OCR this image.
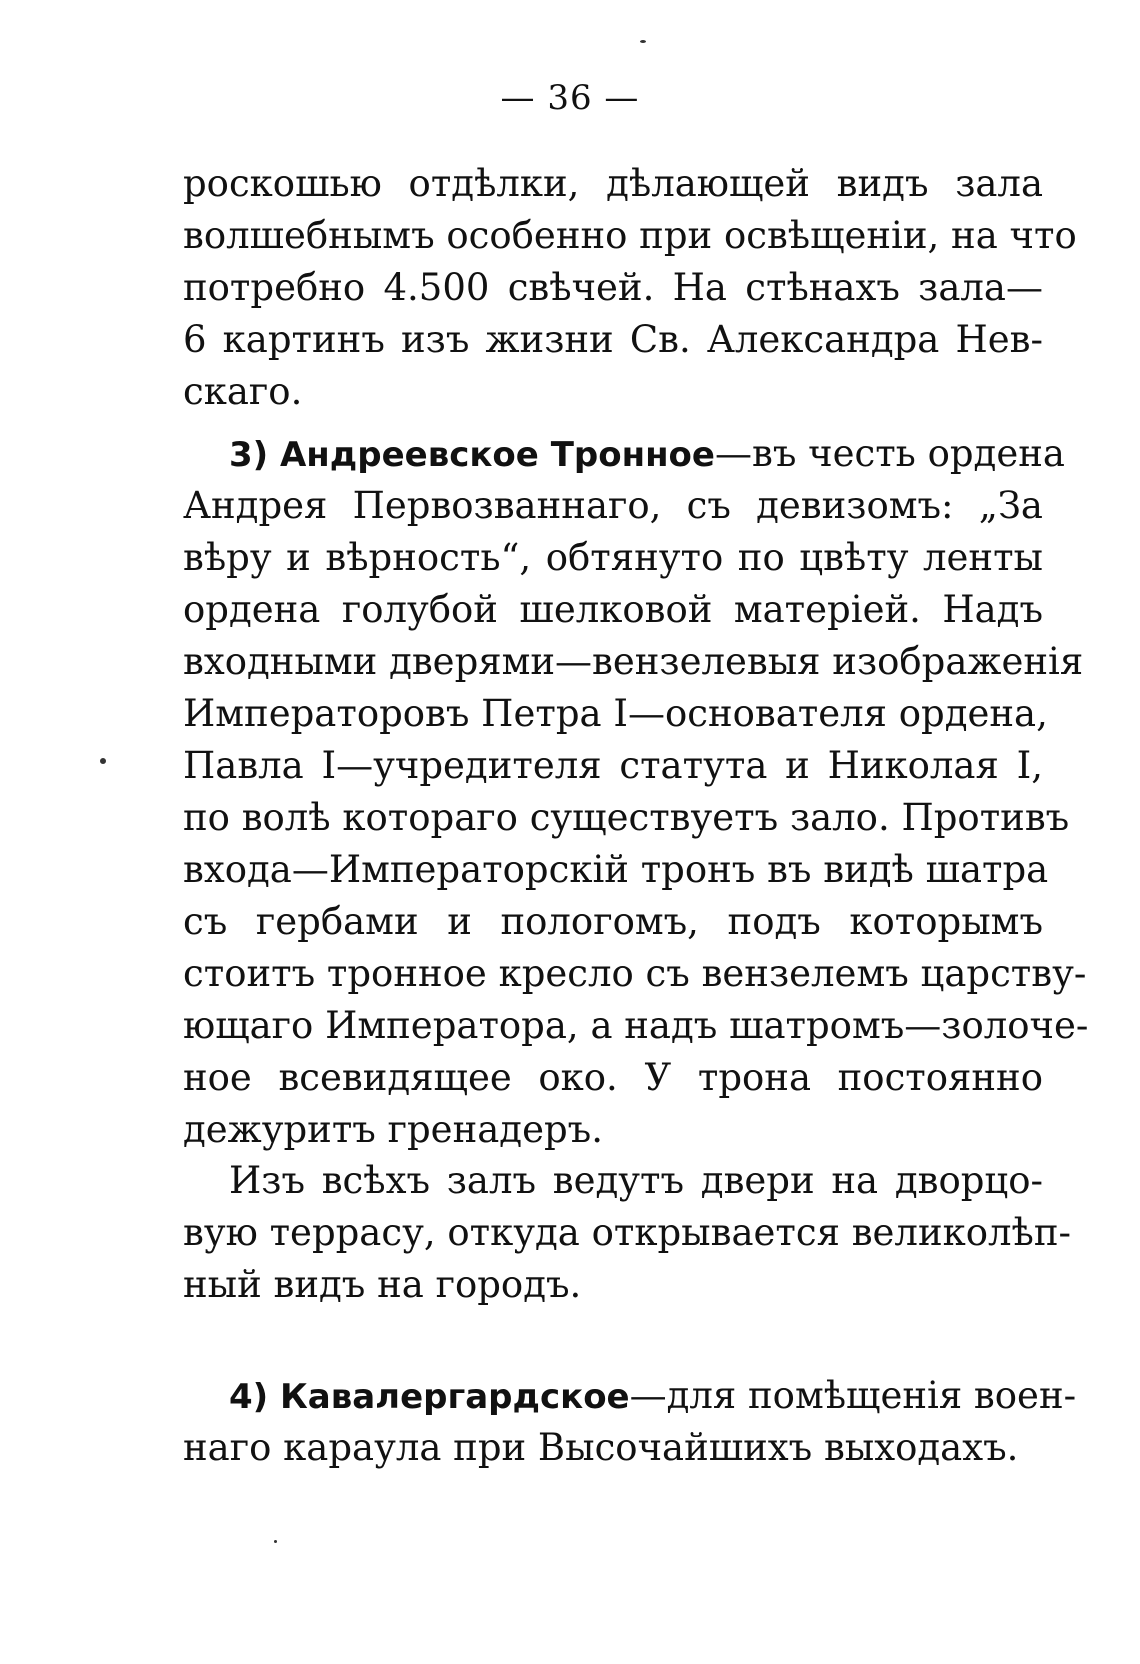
— 36 —
роскошью отдѣлки, дѣлающей видъ зала
волшебнымъ особенно при освѣщенiи, на что
потребно 4.500 свѣчей. На стѣнахъ зала—
6 картинъ изъ жизни Св. Александра Нев-
скаго.
3) Андреевское Тронное—въ честь ордена
Андрея Первозваннаго, съ девизомъ: „За
вѣру и вѣрность“, обтянуто по цвѣту ленты
ордена голубой шелковой матерiей. Надъ
входными дверями—вензелевыя изображенiя
Императоровъ Петра I—основателя ордена,
Павла I—учредителя статута и Николая I,
по волѣ котораго существуетъ зало. Противъ
входа—Императорскiй тронъ въ видѣ шатра
съ гербами и пологомъ, подъ которымъ
стоитъ тронное кресло съ вензелемъ царству-
ющаго Императора, а надъ шатромъ—золоче-
ное всевидящее око. У трона постоянно
дежуритъ гренадеръ.
Изъ всѣхъ залъ ведутъ двери на дворцо-
вую террасу, откуда открывается великолѣп-
ный видъ на городъ.
4) Кавалергардское—для помѣщенiя воен-
наго караула при Высочайшихъ выходахъ.
